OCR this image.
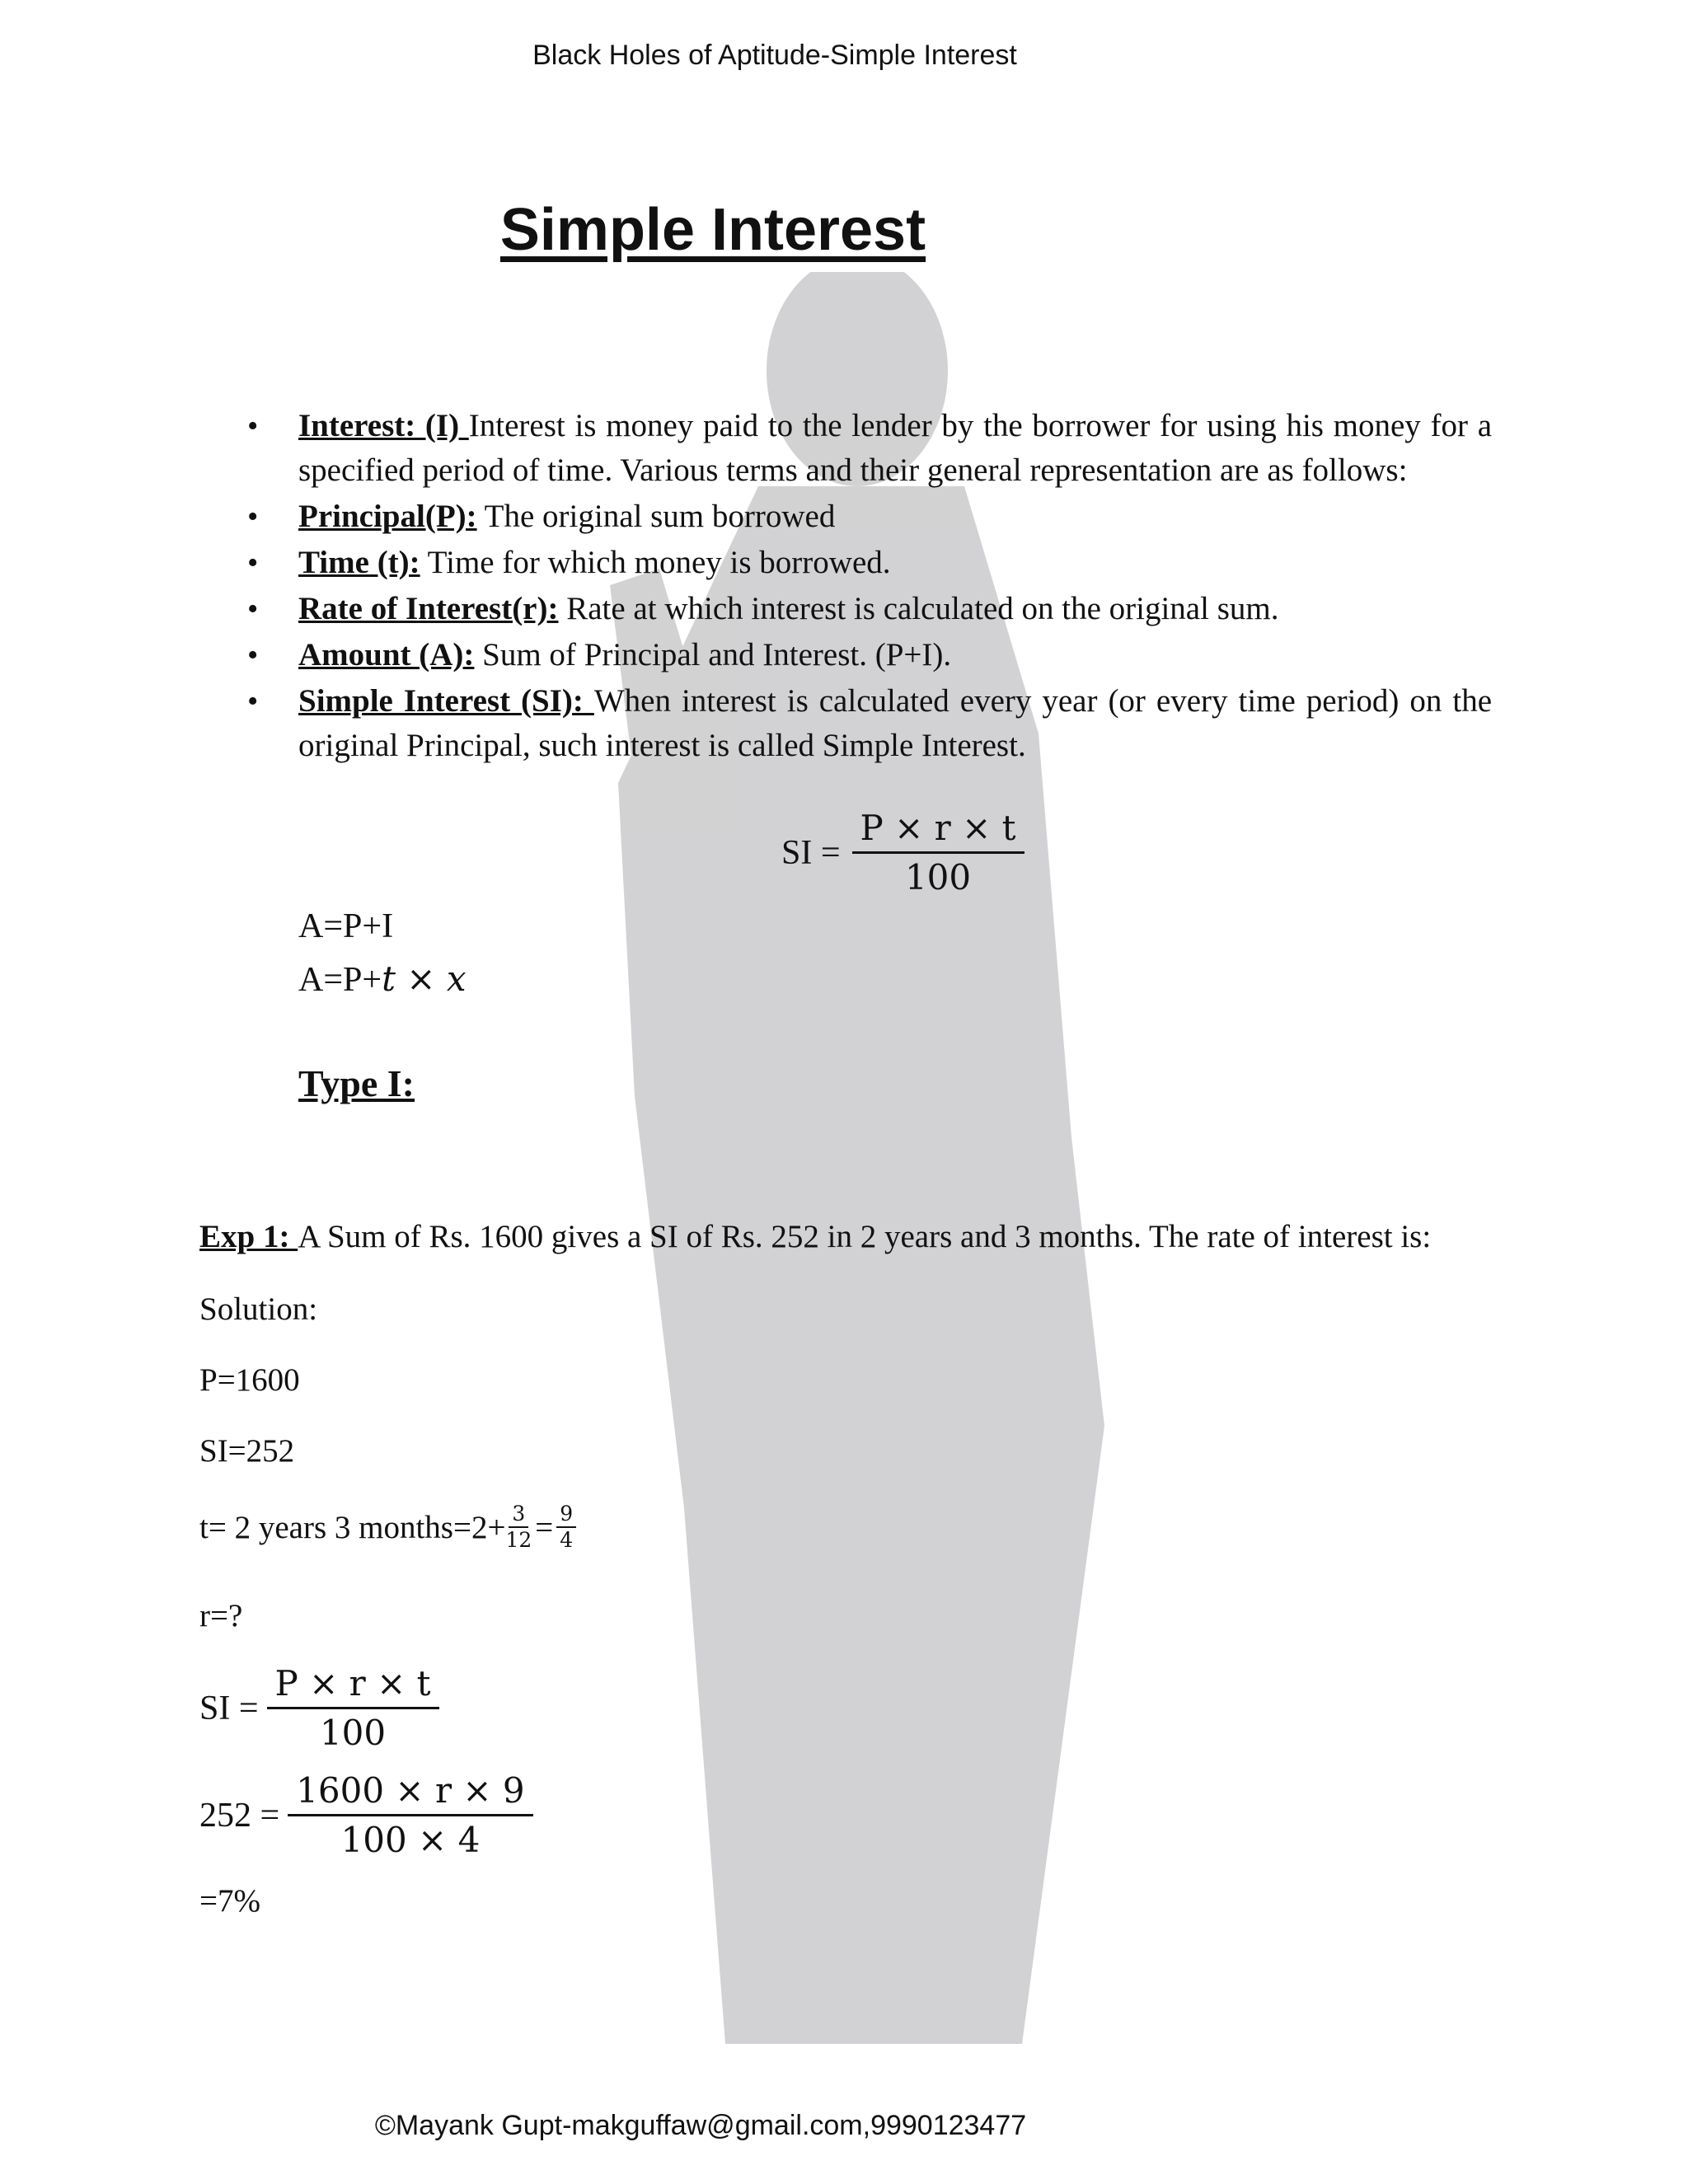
Black Holes of Aptitude-Simple Interest
Simple Interest
• Interest: (I) Interest is money paid to the lender by the borrower for using his money for a specified period of time. Various terms and their general representation are as follows:
• Principal(P): The original sum borrowed
• Time (t): Time for which money is borrowed.
• Rate of Interest(r): Rate at which interest is calculated on the original sum.
• Amount (A): Sum of Principal and Interest. (P+I).
• Simple Interest (SI): When interest is calculated every year (or every time period) on the original Principal, such interest is called Simple Interest.
SI = $\frac{P \times r \times t}{100}$
A=P+I
A=P+t × x
Type I:
Exp 1: A Sum of Rs. 1600 gives a SI of Rs. 252 in 2 years and 3 months. The rate of interest is:
Solution:
P=1600
SI=252
t= 2 years 3 months=2+ $\frac{3}{12} = \frac{9}{4}$
r=?
SI = $\frac{P \times r \times t}{100}$
$252 = \frac{1600 \times r \times 9}{100 \times 4}$
=7%
©Mayank Gupt-makguffaw@gmail.com,9990123477
